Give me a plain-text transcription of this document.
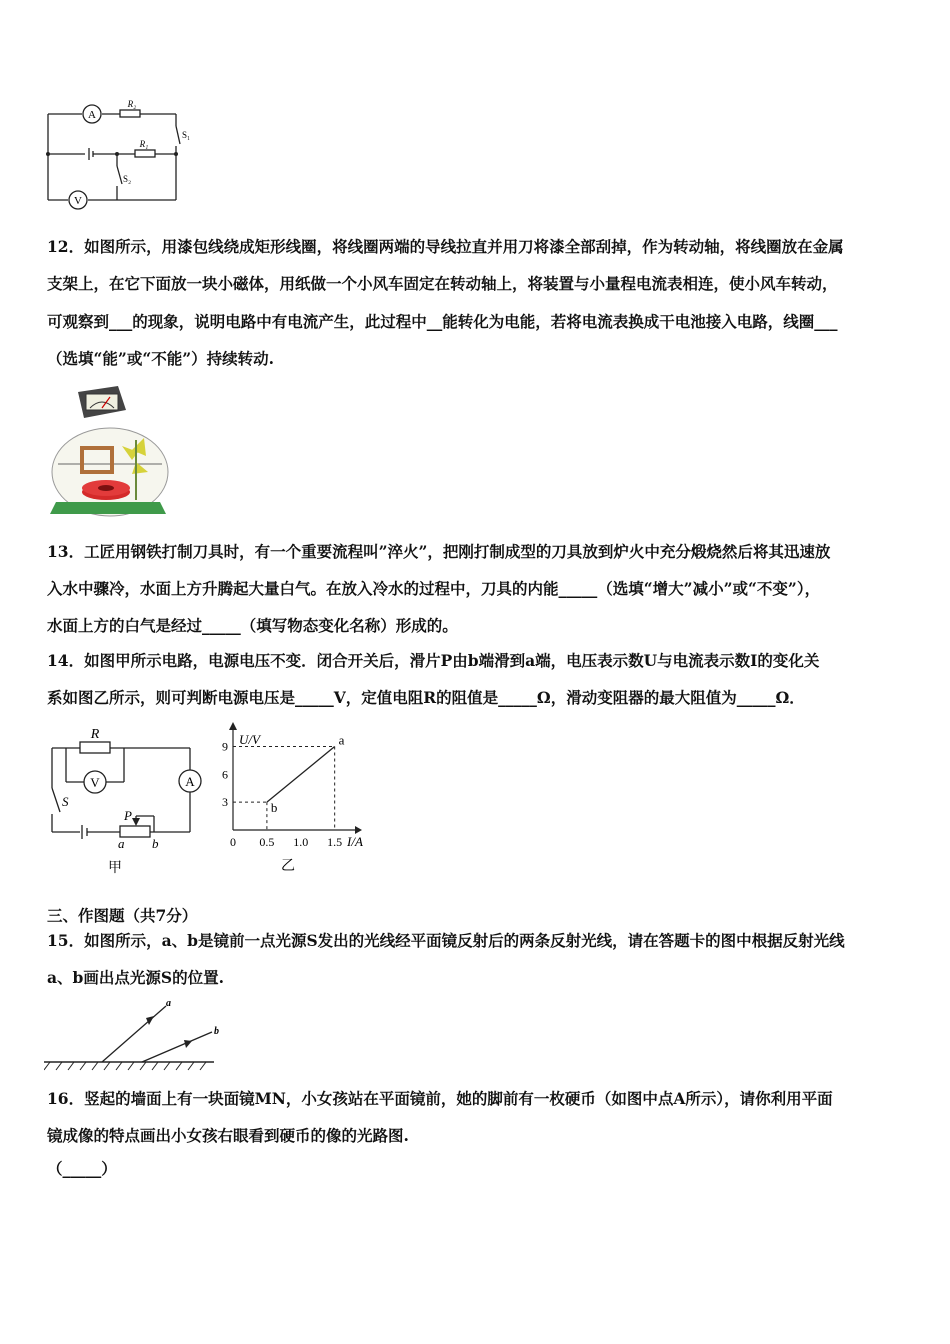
A
V
R₂
R₁
S₁
S₂
12．如图所示，用漆包线绕成矩形线圈，将线圈两端的导线拉直并用刀将漆全部刮掉，作为转动轴，将线圈放在金属
支架上，在它下面放一块小磁体，用纸做一个小风车固定在转动轴上，将装置与小量程电流表相连，使小风车转动，
可观察到___的现象，说明电路中有电流产生，此过程中__能转化为电能，若将电流表换成干电池接入电路，线圈___
（选填“能”或“不能”）持续转动.
13．工匠用钢铁打制刀具时，有一个重要流程叫”淬火”，把刚打制成型的刀具放到炉火中充分煅烧然后将其迅速放
入水中骤冷，水面上方升腾起大量白气。在放入冷水的过程中，刀具的内能_____（选填“增大”减小”或“不变”），
水面上方的白气是经过_____（填写物态变化名称）形成的。
14．如图甲所示电路，电源电压不变．闭合开关后，滑片P由b端滑到a端，电压表示数U与电流表示数I的变化关
系如图乙所示，则可判断电源电压是_____V，定值电阻R的阻值是_____Ω，滑动变阻器的最大阻值为_____Ω．
R
V	A
S
P
a b
甲
U/V
I/A
0 0.5 1.0 1.5
3
6
9
b
a
乙
三、作图题（共7分）
15．如图所示，a、b是镜前一点光源S发出的光线经平面镜反射后的两条反射光线，请在答题卡的图中根据反射光线
a、b画出点光源S的位置.
a
b
16．竖起的墙面上有一块面镜MN，小女孩站在平面镜前，她的脚前有一枚硬币（如图中点A所示），请你利用平面
镜成像的特点画出小女孩右眼看到硬币的像的光路图.
（_____）
